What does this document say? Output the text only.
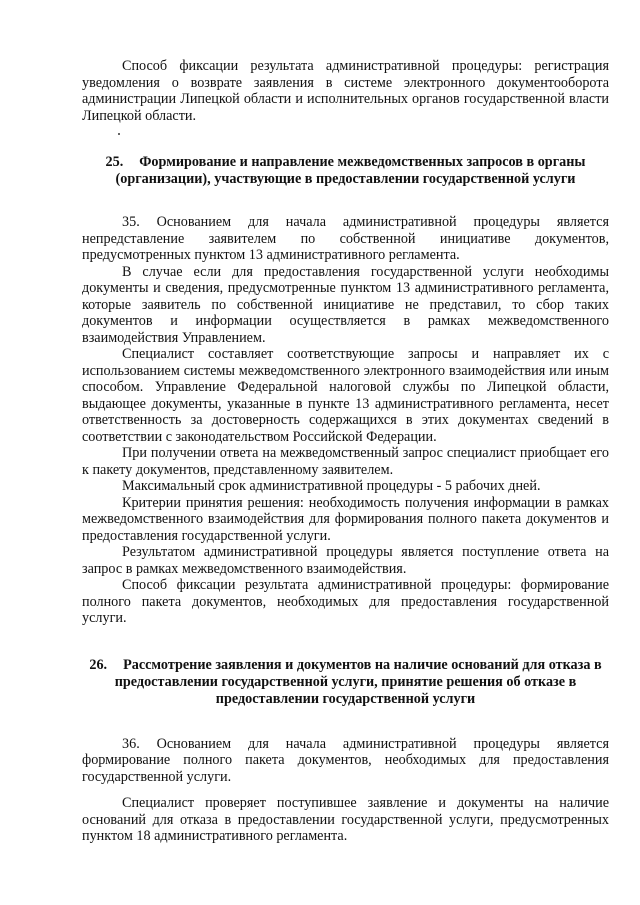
Способ фиксации результата административной процедуры: регистрация уведомления о возврате заявления в системе электронного документооборота администрации Липецкой области и исполнительных органов государственной власти Липецкой области.

25. Формирование и направление межведомственных запросов в органы (организации), участвующие в предоставлении государственной услуги

35. Основанием для начала административной процедуры является непредставление заявителем по собственной инициативе документов, предусмотренных пунктом 13 административного регламента.

В случае если для предоставления государственной услуги необходимы документы и сведения, предусмотренные пунктом 13 административного регламента, которые заявитель по собственной инициативе не представил, то сбор таких документов и информации осуществляется в рамках межведомственного взаимодействия Управлением.

Специалист составляет соответствующие запросы и направляет их с использованием системы межведомственного электронного взаимодействия или иным способом. Управление Федеральной налоговой службы по Липецкой области, выдающее документы, указанные в пункте 13 административного регламента, несет ответственность за достоверность содержащихся в этих документах сведений в соответствии с законодательством Российской Федерации.

При получении ответа на межведомственный запрос специалист приобщает его к пакету документов, представленному заявителем.

Максимальный срок административной процедуры - 5 рабочих дней.

Критерии принятия решения: необходимость получения информации в рамках межведомственного взаимодействия для формирования полного пакета документов и предоставления государственной услуги.

Результатом административной процедуры является поступление ответа на запрос в рамках межведомственного взаимодействия.

Способ фиксации результата административной процедуры: формирование полного пакета документов, необходимых для предоставления государственной услуги.

26. Рассмотрение заявления и документов на наличие оснований для отказа в предоставлении государственной услуги, принятие решения об отказе в предоставлении государственной услуги

36. Основанием для начала административной процедуры является формирование полного пакета документов, необходимых для предоставления государственной услуги.

Специалист проверяет поступившее заявление и документы на наличие оснований для отказа в предоставлении государственной услуги, предусмотренных пунктом 18 административного регламента.
